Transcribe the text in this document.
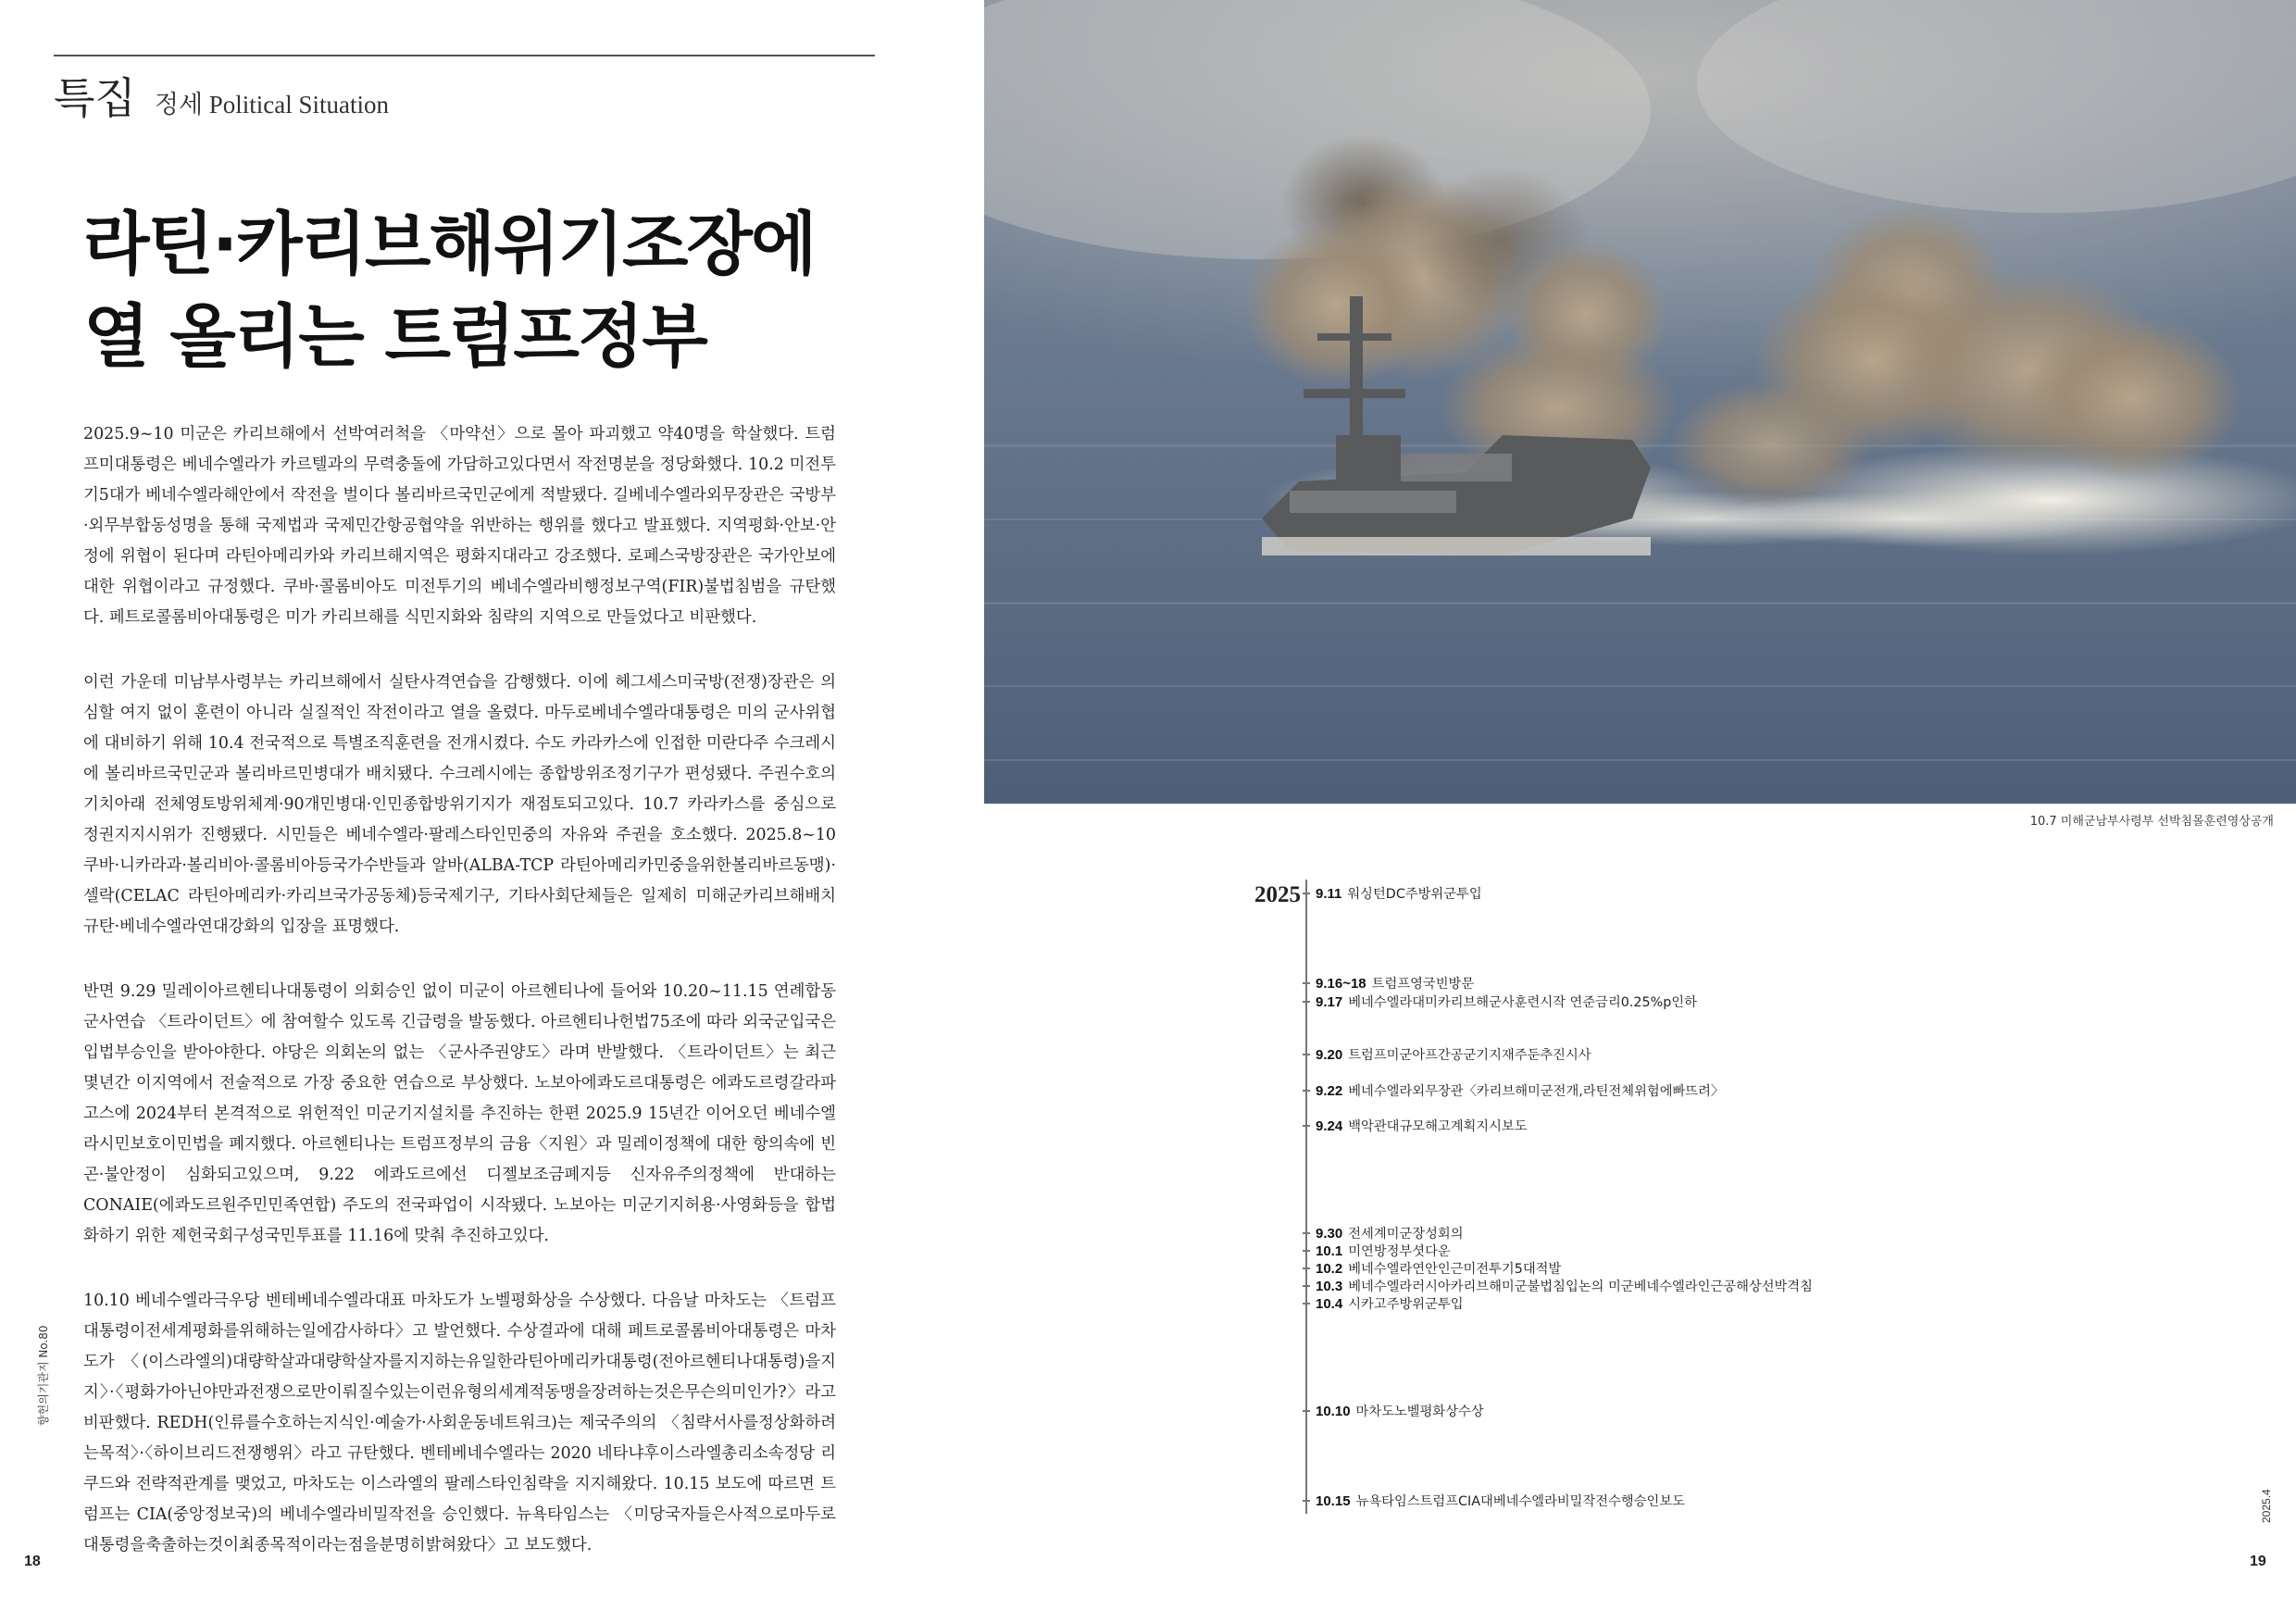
특집 정세 Political Situation
라틴·카리브해위기조장에
열 올리는 트럼프정부

2025.9~10 미군은 카리브해에서 선박여러척을 〈마약선〉으로 몰아 파괴했고 약40명을 학살했다. 트럼프미대통령은 베네수엘라가 카르텔과의 무력충돌에 가담하고있다면서 작전명분을 정당화했다. 10.2 미전투기5대가 베네수엘라해안에서 작전을 벌이다 볼리바르국민군에게 적발됐다. 길베네수엘라외무장관은 국방부·외무부합동성명을 통해 국제법과 국제민간항공협약을 위반하는 행위를 했다고 발표했다. 지역평화·안보·안정에 위협이 된다며 라틴아메리카와 카리브해지역은 평화지대라고 강조했다. 로페스국방장관은 국가안보에 대한 위협이라고 규정했다. 쿠바·콜롬비아도 미전투기의 베네수엘라비행정보구역(FIR)불법침범을 규탄했다. 페트로콜롬비아대통령은 미가 카리브해를 식민지화와 침략의 지역으로 만들었다고 비판했다.

이런 가운데 미남부사령부는 카리브해에서 실탄사격연습을 감행했다. 이에 헤그세스미국방(전쟁)장관은 의심할 여지 없이 훈련이 아니라 실질적인 작전이라고 열을 올렸다. 마두로베네수엘라대통령은 미의 군사위협에 대비하기 위해 10.4 전국적으로 특별조직훈련을 전개시켰다. 수도 카라카스에 인접한 미란다주 수크레시에 볼리바르국민군과 볼리바르민병대가 배치됐다. 수크레시에는 종합방위조정기구가 편성됐다. 주권수호의 기치아래 전체영토방위체계·90개민병대·인민종합방위기지가 재점토되고있다. 10.7 카라카스를 중심으로 정권지지시위가 진행됐다. 시민들은 베네수엘라·팔레스타인민중의 자유와 주권을 호소했다. 2025.8~10 쿠바·니카라과·볼리비아·콜롬비아등국가수반들과 알바(ALBA-TCP 라틴아메리카민중을위한볼리바르동맹)·셀락(CELAC 라틴아메리카·카리브국가공동체)등국제기구, 기타사회단체들은 일제히 미해군카리브해배치규탄·베네수엘라연대강화의 입장을 표명했다.

반면 9.29 밀레이아르헨티나대통령이 의회승인 없이 미군이 아르헨티나에 들어와 10.20~11.15 연례합동군사연습 〈트라이던트〉에 참여할수 있도록 긴급령을 발동했다. 아르헨티나헌법75조에 따라 외국군입국은 입법부승인을 받아야한다. 야당은 의회논의 없는 〈군사주권양도〉라며 반발했다. 〈트라이던트〉는 최근 몇년간 이지역에서 전술적으로 가장 중요한 연습으로 부상했다. 노보아에콰도르대통령은 에콰도르령갈라파고스에 2024부터 본격적으로 위헌적인 미군기지설치를 추진하는 한편 2025.9 15년간 이어오던 베네수엘라시민보호이민법을 폐지했다. 아르헨티나는 트럼프정부의 금융〈지원〉과 밀레이정책에 대한 항의속에 빈곤·불안정이 심화되고있으며, 9.22 에콰도르에선 디젤보조금폐지등 신자유주의정책에 반대하는 CONAIE(에콰도르원주민민족연합) 주도의 전국파업이 시작됐다. 노보아는 미군기지허용·사영화등을 합법화하기 위한 제헌국회구성국민투표를 11.16에 맞춰 추진하고있다.

10.10 베네수엘라극우당 벤테베네수엘라대표 마차도가 노벨평화상을 수상했다. 다음날 마차도는 〈트럼프대통령이전세계평화를위해하는일에감사하다〉고 발언했다. 수상결과에 대해 페트로콜롬비아대통령은 마차도가 〈(이스라엘의)대량학살과대량학살자를지지하는유일한라틴아메리카대통령(전아르헨티나대통령)을지지〉·〈평화가아닌야만과전쟁으로만이뤄질수있는이런유형의세계적동맹을장려하는것은무슨의미인가?〉라고 비판했다. REDH(인류를수호하는지식인·예술가·사회운동네트워크)는 제국주의의 〈침략서사를정상화하려는목적〉·〈하이브리드전쟁행위〉라고 규탄했다. 벤테베네수엘라는 2020 네타냐후이스라엘총리소속정당 리쿠드와 전략적관계를 맺었고, 마차도는 이스라엘의 팔레스타인침략을 지지해왔다. 10.15 보도에 따르면 트럼프는 CIA(중앙정보국)의 베네수엘라비밀작전을 승인했다. 뉴욕타임스는 〈미당국자들은사적으로마두로대통령을축출하는것이최종목적이라는점을분명히밝혀왔다〉고 보도했다.

향헌의기관지 No.80
18
10.7 미해군남부사령부 선박침몰훈련영상공개
2025 9.11 워싱턴DC주방위군투입
9.16~18 트럼프영국빈방문
9.17 베네수엘라대미카리브해군사훈련시작 연준금리0.25%p인하
9.20 트럼프미군아프간공군기지재주둔추진시사
9.22 베네수엘라외무장관〈카리브해미군전개,라틴전체위험에빠뜨려〉
9.24 백악관대규모해고계획지시보도
9.30 전세계미군장성회의
10.1 미연방정부셧다운
10.2 베네수엘라연안인근미전투기5대적발
10.3 베네수엘라러시아카리브해미군불법침입논의 미군베네수엘라인근공해상선박격침
10.4 시카고주방위군투입
10.10 마차도노벨평화상수상
10.15 뉴욕타임스트럼프CIA대베네수엘라비밀작전수행승인보도	2025.4
19
